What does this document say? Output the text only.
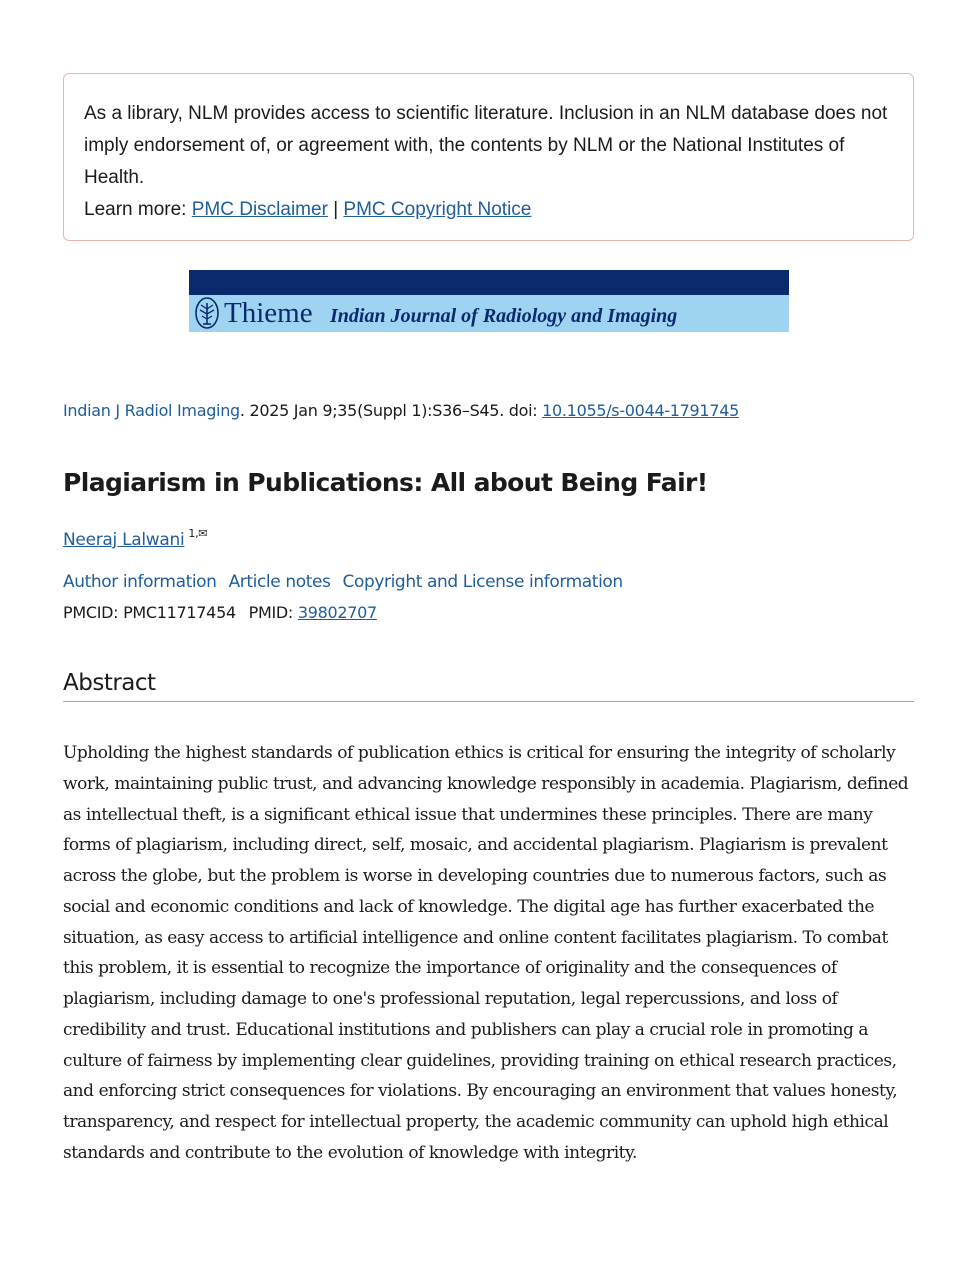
As a library, NLM provides access to scientific literature. Inclusion in an NLM database does not imply endorsement of, or agreement with, the contents by NLM or the National Institutes of Health.

Learn more: PMC Disclaimer | PMC Copyright Notice

Thieme Indian Journal of Radiology and Imaging
Indian J Radiol Imaging. 2025 Jan 9;35(Suppl 1):S36–S45. doi: 10.1055/s-0044-1791745
Plagiarism in Publications: All about Being Fair!
Neeraj Lalwani $^{1,✉}$
Author information Article notes Copyright and License information
PMCID: PMC11717454 PMID: 39802707
Abstract

Upholding the highest standards of publication ethics is critical for ensuring the integrity of scholarly work, maintaining public trust, and advancing knowledge responsibly in academia. Plagiarism, defined as intellectual theft, is a significant ethical issue that undermines these principles. There are many forms of plagiarism, including direct, self, mosaic, and accidental plagiarism. Plagiarism is prevalent across the globe, but the problem is worse in developing countries due to numerous factors, such as social and economic conditions and lack of knowledge. The digital age has further exacerbated the situation, as easy access to artificial intelligence and online content facilitates plagiarism. To combat this problem, it is essential to recognize the importance of originality and the consequences of plagiarism, including damage to one's professional reputation, legal repercussions, and loss of credibility and trust. Educational institutions and publishers can play a crucial role in promoting a culture of fairness by implementing clear guidelines, providing training on ethical research practices, and enforcing strict consequences for violations. By encouraging an environment that values honesty, transparency, and respect for intellectual property, the academic community can uphold high ethical standards and contribute to the evolution of knowledge with integrity.
